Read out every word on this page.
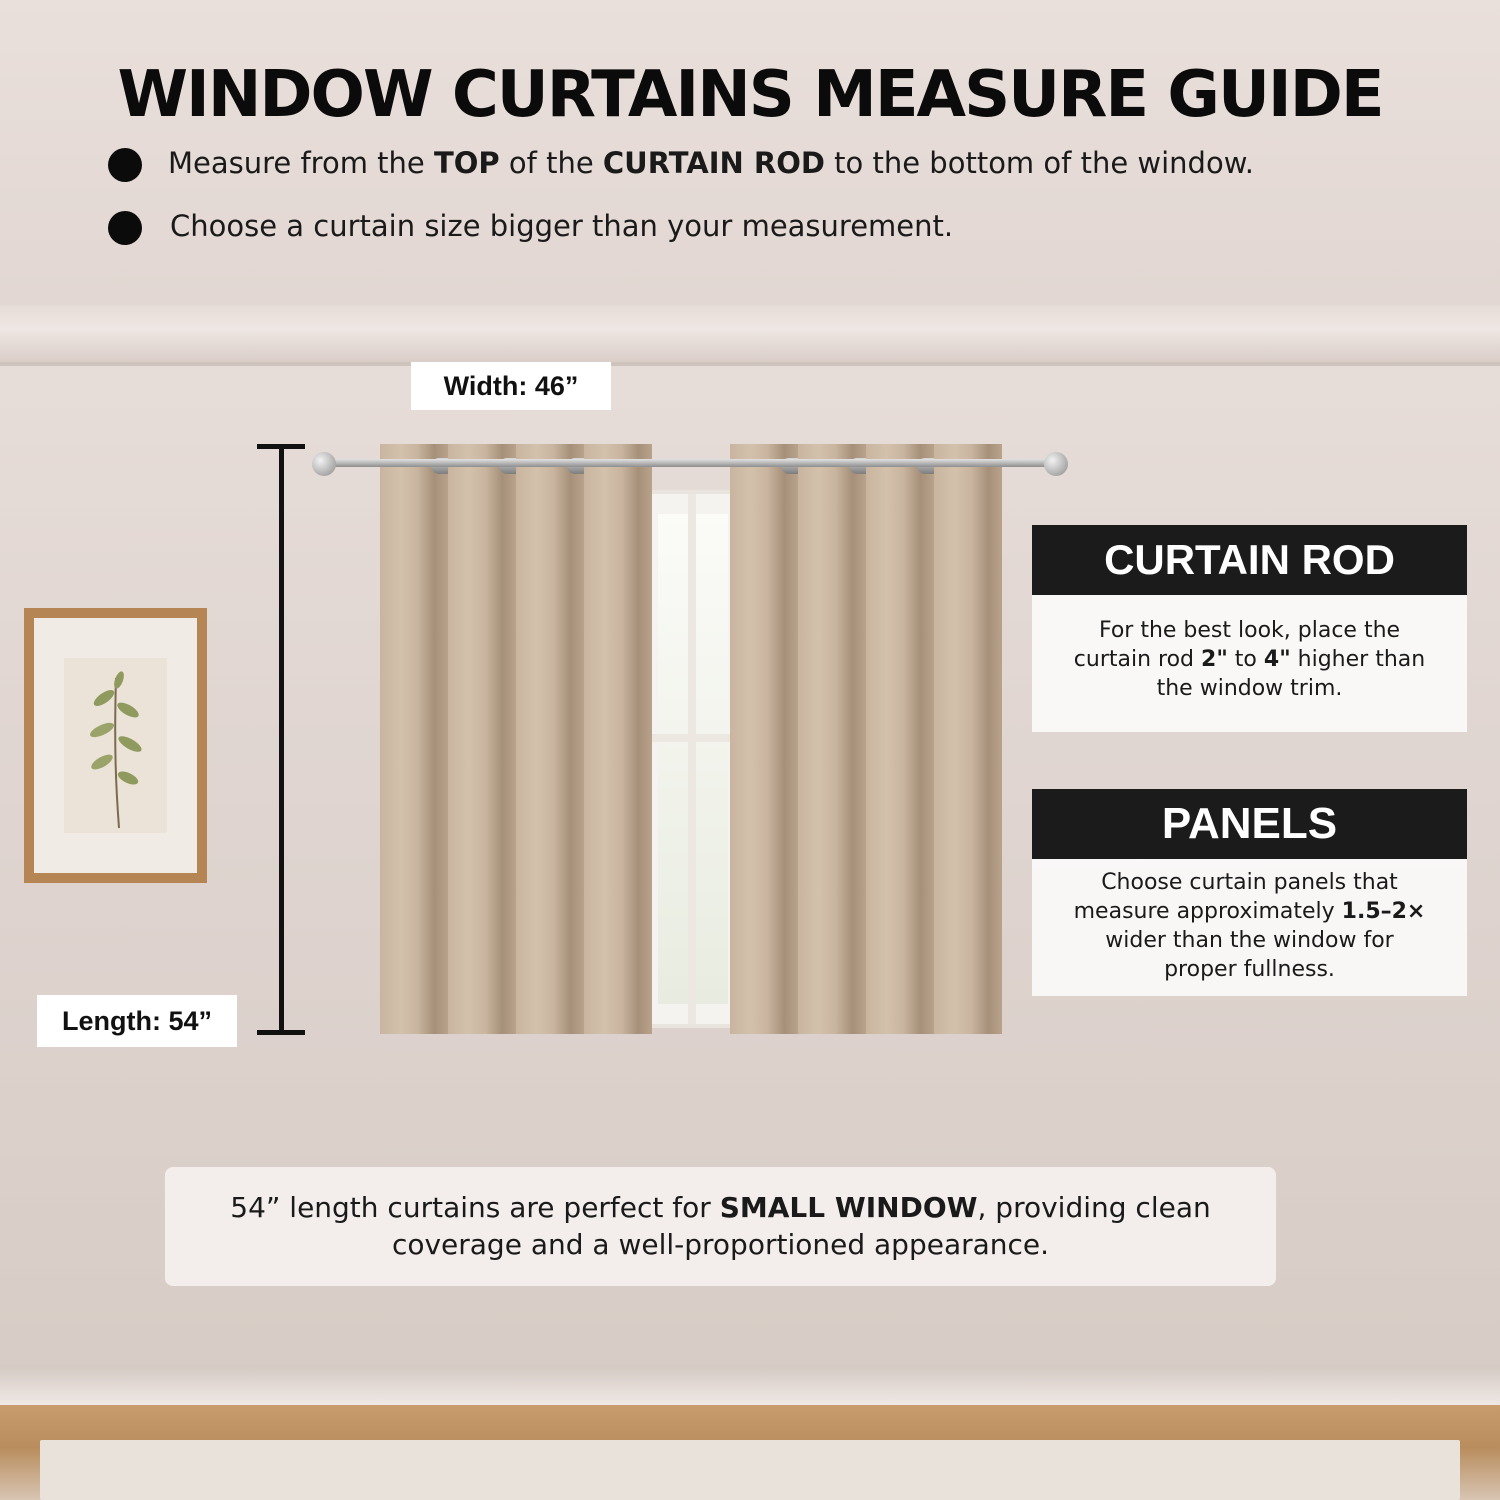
WINDOW CURTAINS MEASURE GUIDE
Measure from the TOP of the CURTAIN ROD to the bottom of the window.
Choose a curtain size bigger than your measurement.
Width: 46”
Length: 54”
CURTAIN ROD
For the best look, place the
curtain rod 2" to 4" higher than
the window trim.
PANELS
Choose curtain panels that
measure approximately 1.5–2×
wider than the window for
proper fullness.
54” length curtains are perfect for SMALL WINDOW, providing clean
coverage and a well-proportioned appearance.
